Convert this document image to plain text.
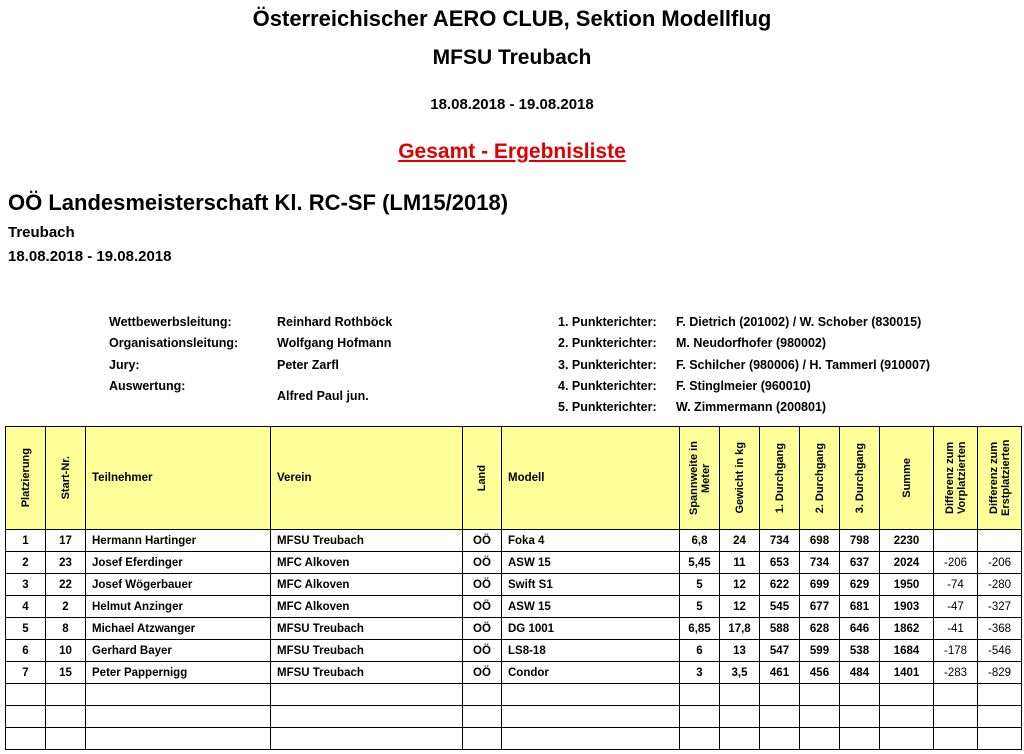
Österreichischer AERO CLUB, Sektion Modellflug
MFSU Treubach
18.08.2018 - 19.08.2018
Gesamt - Ergebnisliste
OÖ Landesmeisterschaft Kl. RC-SF (LM15/2018)
Treubach
18.08.2018 - 19.08.2018
Wettbewerbsleitung:	Reinhard Rothböck
Organisationsleitung:	Wolfgang Hofmann
Jury:	Peter Zarfl
Auswertung:
Alfred Paul jun.
1. Punkterichter: F. Dietrich (201002) / W. Schober (830015)
2. Punkterichter: M. Neudorfhofer (980002)
3. Punkterichter: F. Schilcher (980006) / H. Tammerl (910007)
4. Punkterichter: F. Stinglmeier (960010)
5. Punkterichter: W. Zimmermann (200801)
Platzierung	Start-Nr.	Teilnehmer	Verein	Land	Modell	Spannweite in Meter	Gewicht in kg	1. Durchgang	2. Durchgang	3. Durchgang	Summe	Differenz zum Vorplatzierten	Differenz zum Erstplatzierten

1	17	Hermann Hartinger	MFSU Treubach	OÖ	Foka 4	6,8	24	734	698	798	2230		
2	23	Josef Eferdinger	MFC Alkoven	OÖ	ASW 15	5,45	11	653	734	637	2024	-206	-206
3	22	Josef Wögerbauer	MFC Alkoven	OÖ	Swift S1	5	12	622	699	629	1950	-74	-280
4	2	Helmut Anzinger	MFC Alkoven	OÖ	ASW 15	5	12	545	677	681	1903	-47	-327
5	8	Michael Atzwanger	MFSU Treubach	OÖ	DG 1001	6,85	17,8	588	628	646	1862	-41	-368
6	10	Gerhard Bayer	MFSU Treubach	OÖ	LS8-18	6	13	547	599	538	1684	-178	-546
7	15	Peter Pappernigg	MFSU Treubach	OÖ	Condor	3	3,5	461	456	484	1401	-283	-829
